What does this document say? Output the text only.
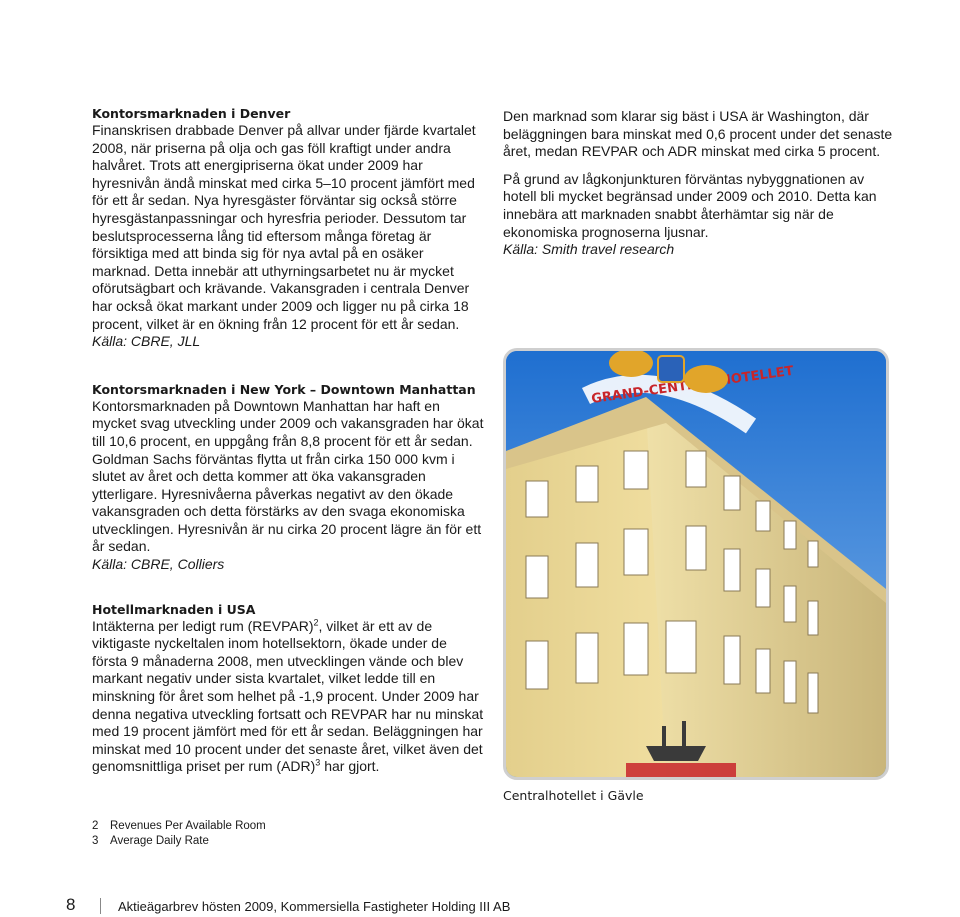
Kontorsmarknaden i Denver
Finanskrisen drabbade Denver på allvar under fjärde kvartalet 2008, när priserna på olja och gas föll kraftigt under andra halvåret. Trots att energipriserna ökat under 2009 har hyresnivån ändå minskat med cirka 5–10 procent jämfört med för ett år sedan. Nya hyresgäster förväntar sig också större hyresgästanpassningar och hyresfria perioder. Dessutom tar beslutsprocesserna lång tid eftersom många företag är försiktiga med att binda sig för nya avtal på en osäker marknad. Detta innebär att uthyrningsarbetet nu är mycket oförutsägbart och krävande. Vakansgraden i centrala Denver har också ökat markant under 2009 och ligger nu på cirka 18 procent, vilket är en ökning från 12 procent för ett år sedan.
Källa: CBRE, JLL
Kontorsmarknaden i New York – Downtown Manhattan
Kontorsmarknaden på Downtown Manhattan har haft en mycket svag utveckling under 2009 och vakansgraden har ökat till 10,6 procent, en uppgång från 8,8 procent för ett år sedan. Goldman Sachs förväntas flytta ut från cirka 150 000 kvm i slutet av året och detta kommer att öka vakansgraden ytterligare. Hyresnivåerna påverkas negativt av den ökade vakansgraden och detta förstärks av den svaga ekonomiska utvecklingen. Hyresnivån är nu cirka 20 procent lägre än för ett år sedan.
Källa: CBRE, Colliers
Hotellmarknaden i USA
Intäkterna per ledigt rum (REVPAR)$^2$, vilket är ett av de viktigaste nyckeltalen inom hotellsektorn, ökade under de första 9 månaderna 2008, men utvecklingen vände och blev markant negativ under sista kvartalet, vilket ledde till en minskning för året som helhet på -1,9 procent. Under 2009 har denna negativa utveckling fortsatt och REVPAR har nu minskat med 19 procent jämfört med för ett år sedan. Beläggningen har minskat med 10 procent under det senaste året, vilket även det genomsnittliga priset per rum (ADR)$^3$ har gjort.
Den marknad som klarar sig bäst i USA är Washington, där beläggningen bara minskat med 0,6 procent under det senaste året, medan REVPAR och ADR minskat med cirka 5 procent.
På grund av lågkonjunkturen förväntas nybyggnationen av hotell bli mycket begränsad under 2009 och 2010. Detta kan innebära att marknaden snabbt återhämtar sig när de ekonomiska prognoserna ljusnar.
Källa: Smith travel research
Centralhotellet i Gävle
2 Revenues Per Available Room
3 Average Daily Rate
8	Aktieägarbrev hösten 2009, Kommersiella Fastigheter Holding III AB
